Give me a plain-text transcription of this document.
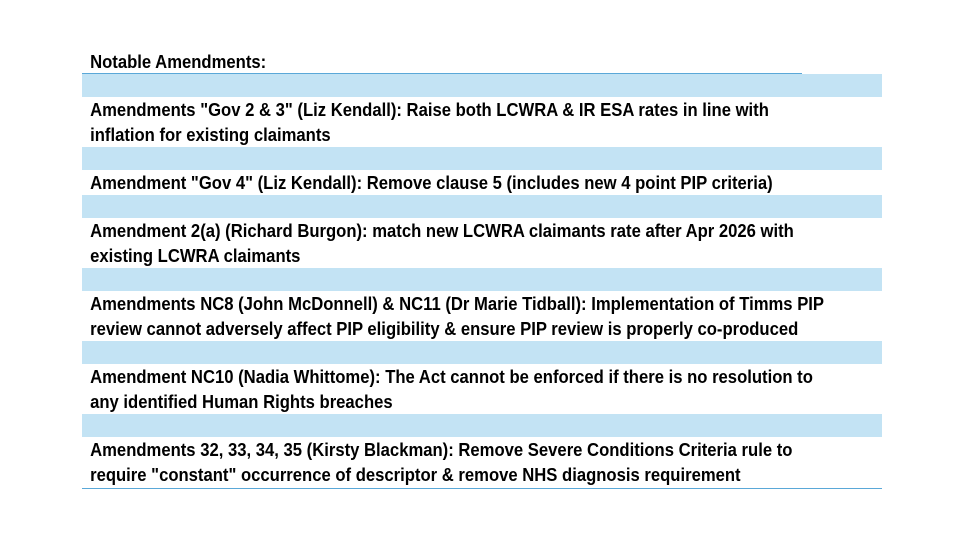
Notable Amendments:
Amendments "Gov 2 & 3" (Liz Kendall): Raise both LCWRA & IR ESA rates in line with
inflation for existing claimants
Amendment "Gov 4" (Liz Kendall): Remove clause 5 (includes new 4 point PIP criteria)
Amendment 2(a) (Richard Burgon): match new LCWRA claimants rate after Apr 2026 with
existing LCWRA claimants
Amendments NC8 (John McDonnell) & NC11 (Dr Marie Tidball): Implementation of Timms PIP
review cannot adversely affect PIP eligibility & ensure PIP review is properly co-produced
Amendment NC10 (Nadia Whittome): The Act cannot be enforced if there is no resolution to
any identified Human Rights breaches
Amendments 32, 33, 34, 35 (Kirsty Blackman): Remove Severe Conditions Criteria rule to
require "constant" occurrence of descriptor & remove NHS diagnosis requirement
